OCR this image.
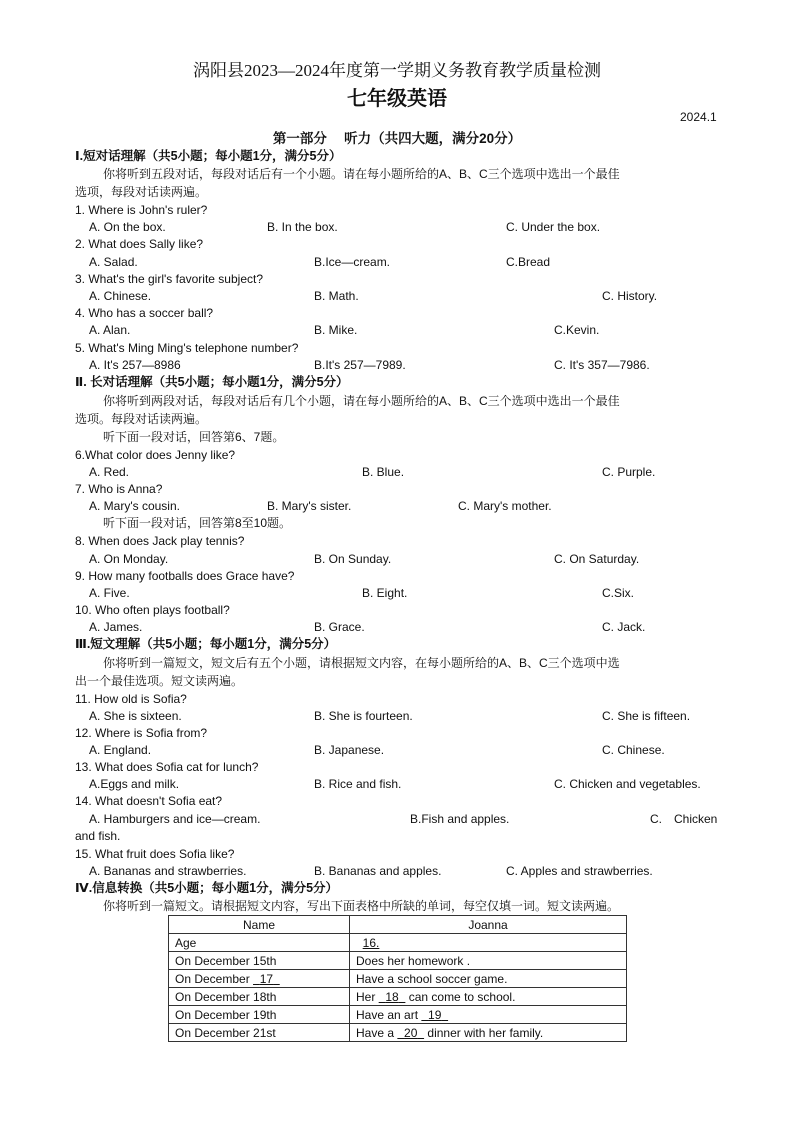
涡阳县2023—2024年度第一学期义务教育教学质量检测
七年级英语
2024.1
第一部分　 听力（共四大题，满分20分）
Ⅰ.短对话理解（共5小题；每小题1分，满分5分）
你将听到五段对话，每段对话后有一个小题。请在每小题所给的A、B、C三个选项中选出一个最佳
选项，每段对话读两遍。
1. Where is John's ruler?
A. On the box.	B. In the box.	C. Under the box.
2. What does Sally like?
A. Salad.	B.Ice—cream.	C.Bread
3. What's the girl's favorite subject?
A. Chinese.	B. Math.	C. History.
4. Who has a soccer ball?
A. Alan.	B. Mike.	C.Kevin.
5. What's Ming Ming's telephone number?
A. It's 257—8986	B.It's 257—7989.	C. It's 357—7986.
Ⅱ. 长对话理解（共5小题；每小题1分，满分5分）
你将听到两段对话，每段对话后有几个小题，请在每小题所给的A、B、C三个选项中选出一个最佳
选项。每段对话读两遍。
听下面一段对话，回答第6、7题。
6.What color does Jenny like?
A. Red.	B. Blue.	C. Purple.
7. Who is Anna?
A. Mary's cousin.	B. Mary's sister.	C. Mary's mother.
听下面一段对话，回答第8至10题。
8. When does Jack play tennis?
A. On Monday.	B. On Sunday.	C. On Saturday.
9. How many footballs does Grace have?
A. Five.	B. Eight.	C.Six.
10. Who often plays football?
A. James.	B. Grace.	C. Jack.
Ⅲ.短文理解（共5小题；每小题1分，满分5分）
你将听到一篇短文，短文后有五个小题，请根据短文内容，在每小题所给的A、B、C三个选项中选
出一个最佳选项。短文读两遍。
11. How old is Sofia?
A. She is sixteen.	B. She is fourteen.	C. She is fifteen.
12. Where is Sofia from?
A. England.	B. Japanese.	C. Chinese.
13. What does Sofia cat for lunch?
A.Eggs and milk.	B. Rice and fish.	C. Chicken and vegetables.
14. What doesn't Sofia eat?
A. Hamburgers and ice—cream.	B.Fish and apples.	C.　Chicken
and fish.
15. What fruit does Sofia like?
A. Bananas and strawberries.	B. Bananas and apples.	C. Apples and strawberries.
Ⅳ.信息转换（共5小题；每小题1分，满分5分）
你将听到一篇短文。请根据短文内容，写出下面表格中所缺的单词，每空仅填一词。短文读两遍。
Name	Joanna
Age	16.
On December 15th	Does her homework .
On December   17	Have a school soccer game.
On December 18th	Her   18   can come to school.
On December 19th	Have an art   19
On December 21st	Have a   20   dinner with her family.
